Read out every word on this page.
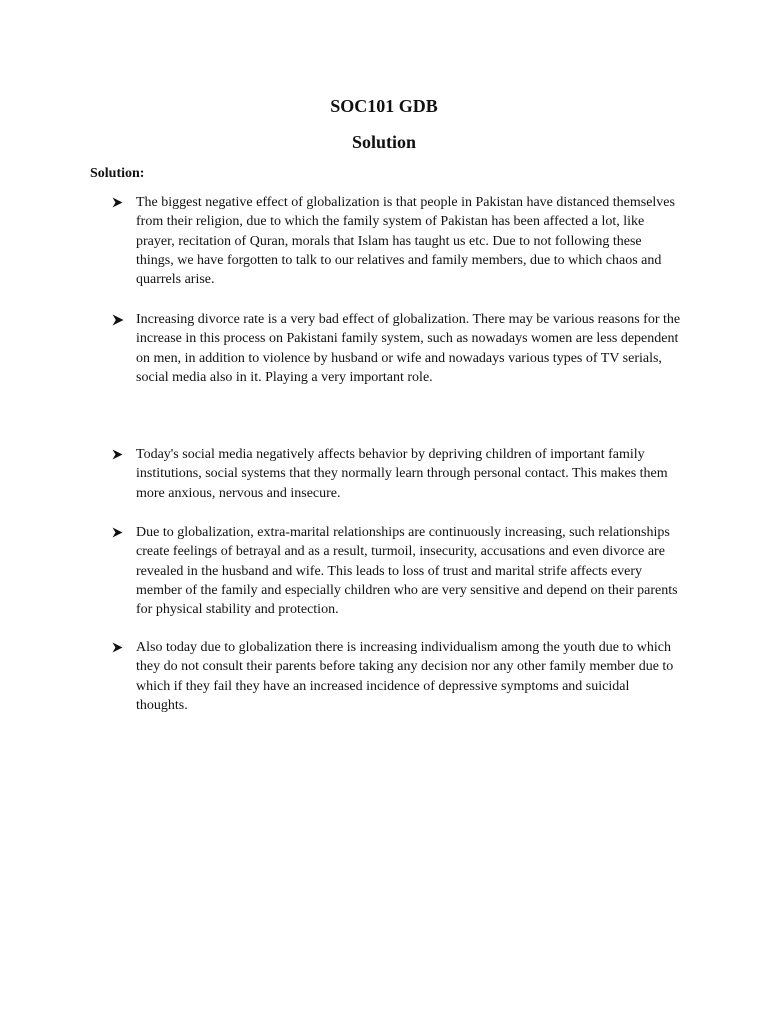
SOC101 GDB
Solution
Solution:

The biggest negative effect of globalization is that people in Pakistan have distanced themselves from their religion, due to which the family system of Pakistan has been affected a lot, like prayer, recitation of Quran, morals that Islam has taught us etc. Due to not following these things, we have forgotten to talk to our relatives and family members, due to which chaos and quarrels arise.

Increasing divorce rate is a very bad effect of globalization. There may be various reasons for the increase in this process on Pakistani family system, such as nowadays women are less dependent on men, in addition to violence by husband or wife and nowadays various types of TV serials, social media also in it. Playing a very important role.

Today's social media negatively affects behavior by depriving children of important family institutions, social systems that they normally learn through personal contact. This makes them more anxious, nervous and insecure.

Due to globalization, extra-marital relationships are continuously increasing, such relationships create feelings of betrayal and as a result, turmoil, insecurity, accusations and even divorce are revealed in the husband and wife. This leads to loss of trust and marital strife affects every member of the family and especially children who are very sensitive and depend on their parents for physical stability and protection.

Also today due to globalization there is increasing individualism among the youth due to which they do not consult their parents before taking any decision nor any other family member due to which if they fail they have an increased incidence of depressive symptoms and suicidal thoughts.
